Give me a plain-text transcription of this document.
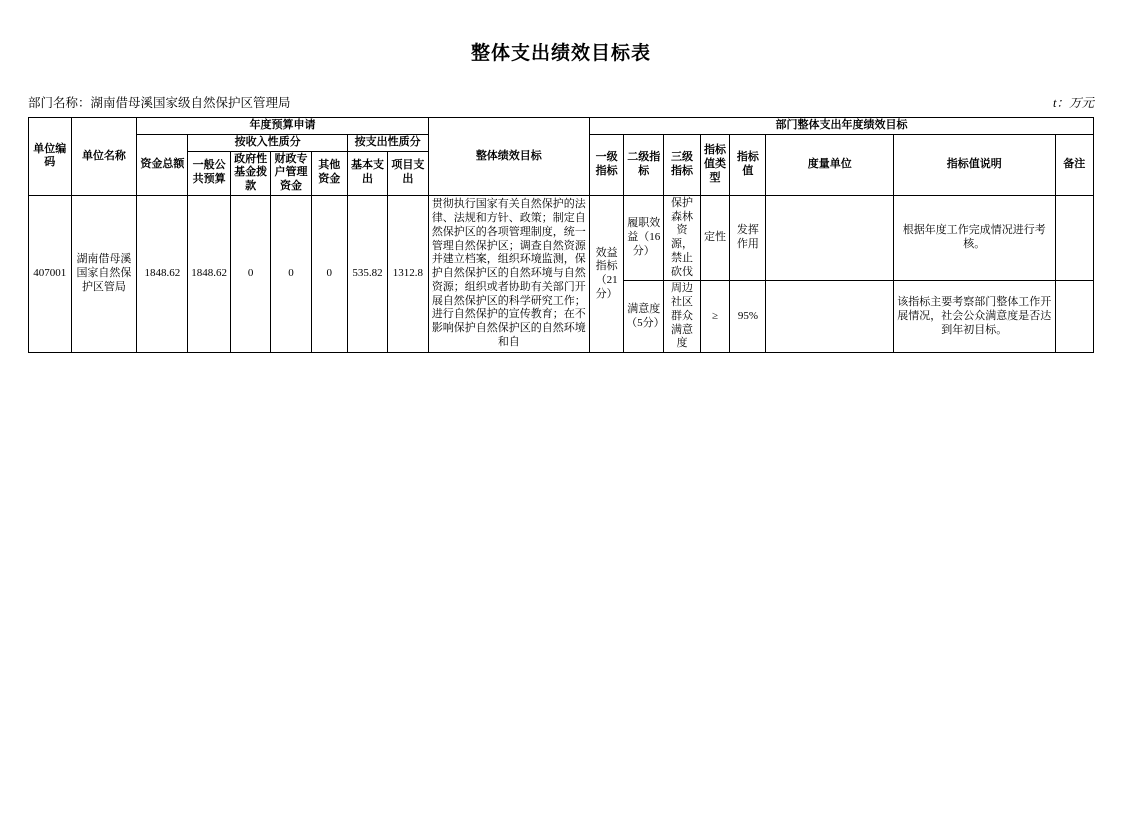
整体支出绩效目标表
部门名称：湖南借母溪国家级自然保护区管理局	t：万元
单位编码	单位名称	年度预算申请							整体绩效目标	部门整体支出年度绩效目标							
		资金总额	按收入性质分				按支出性质分			一级指标	二级指标	三级指标	指标值类型	指标值	度量单位	指标值说明	备注
			一般公共预算	政府性基金拨款	财政专户管理资金	其他资金	基本支出	项目支出									

407001	湖南借母溪国家自然保护区管局	1848.62	1848.62	0	0	0	535.82	1312.8	贯彻执行国家有关自然保护的法律、法规和方针、政策；制定自然保护区的各项管理制度，统一管理自然保护区；调查自然资源并建立档案，组织环境监测，保护自然保护区的自然环境与自然资源；组织或者协助有关部门开展自然保护区的科学研究工作；进行自然保护的宣传教育；在不影响保护自然保护区的自然环境和自	效益指标（21分）	履职效益（16分）	保护森林资源，禁止砍伐	定性	发挥作用		根据年度工作完成情况进行考核。	
											满意度（5分）	周边社区群众满意度	≥	95%		该指标主要考察部门整体工作开展情况，社会公众满意度是否达到年初目标。	
